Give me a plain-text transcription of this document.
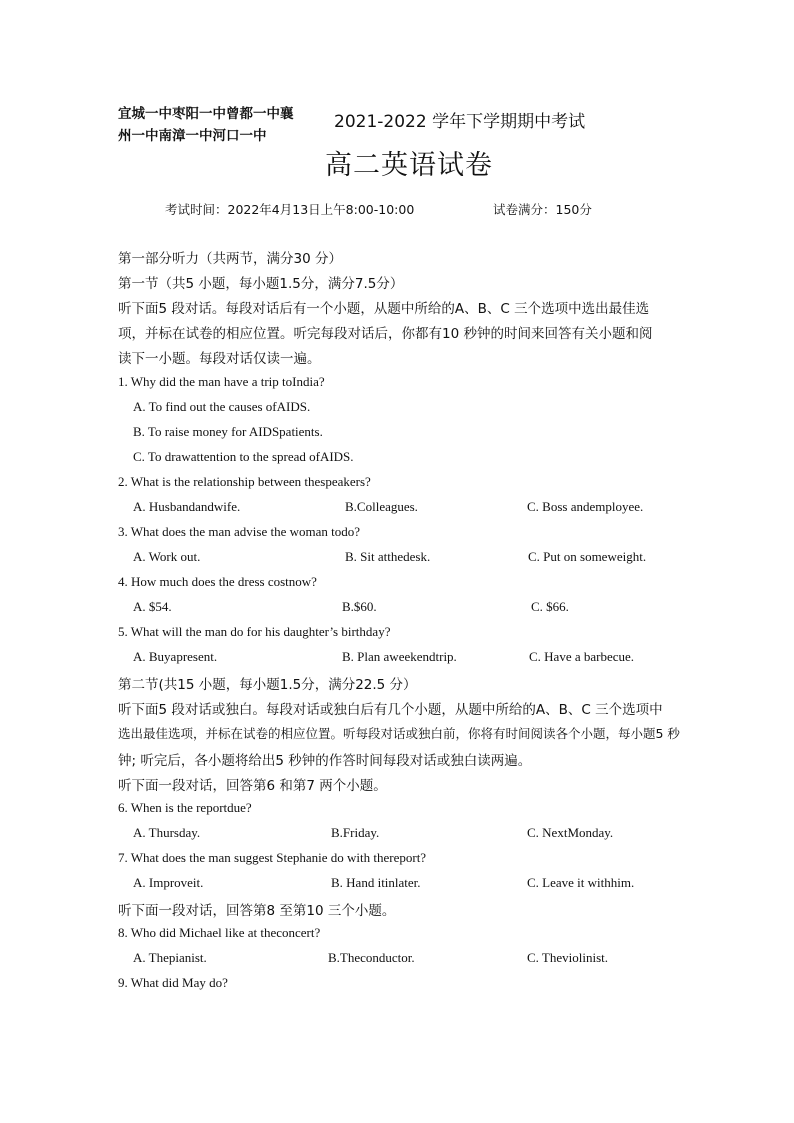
宜城一中枣阳一中曾都一中襄
州一中南漳一中河口一中
2021-2022 学年下学期期中考试
高二英语试卷
考试时间：2022年4月13日上午8:00-10:00	试卷满分：150分
第一部分听力（共两节，满分30 分）
第一节（共5 小题，每小题1.5分，满分7.5分）
听下面5 段对话。每段对话后有一个小题，从题中所给的A、B、C 三个选项中选出最佳选
项，并标在试卷的相应位置。听完每段对话后，你都有10 秒钟的时间来回答有关小题和阅
读下一小题。每段对话仅读一遍。
1. Why did the man have a trip toIndia?
A. To find out the causes ofAIDS.
B. To raise money for AIDSpatients.
C. To drawattention to the spread ofAIDS.
2. What is the relationship between thespeakers?
A. Husbandandwife.	B.Colleagues.	C. Boss andemployee.
3. What does the man advise the woman todo?
A. Work out.	B. Sit atthedesk.	C. Put on someweight.
4. How much does the dress costnow?
A. $54.	B.$60.	C. $66.
5. What will the man do for his daughter’s birthday?
A. Buyapresent.	B. Plan aweekendtrip.	C. Have a barbecue.
第二节(共15 小题，每小题1.5分，满分22.5 分）
听下面5 段对话或独白。每段对话或独白后有几个小题，从题中所给的A、B、C 三个选项中
选出最佳选项，并标在试卷的相应位置。听每段对话或独白前，你将有时间阅读各个小题，每小题5 秒
钟; 听完后，各小题将给出5 秒钟的作答时间每段对话或独白读两遍。
听下面一段对话，回答第6 和第7 两个小题。
6. When is the reportdue?
A. Thursday.	B.Friday.	C. NextMonday.
7. What does the man suggest Stephanie do with thereport?
A. Improveit.	B. Hand itinlater.	C. Leave it withhim.
听下面一段对话，回答第8 至第10 三个小题。
8. Who did Michael like at theconcert?
A. Thepianist.	B.Theconductor.	C. Theviolinist.
9. What did May do?
